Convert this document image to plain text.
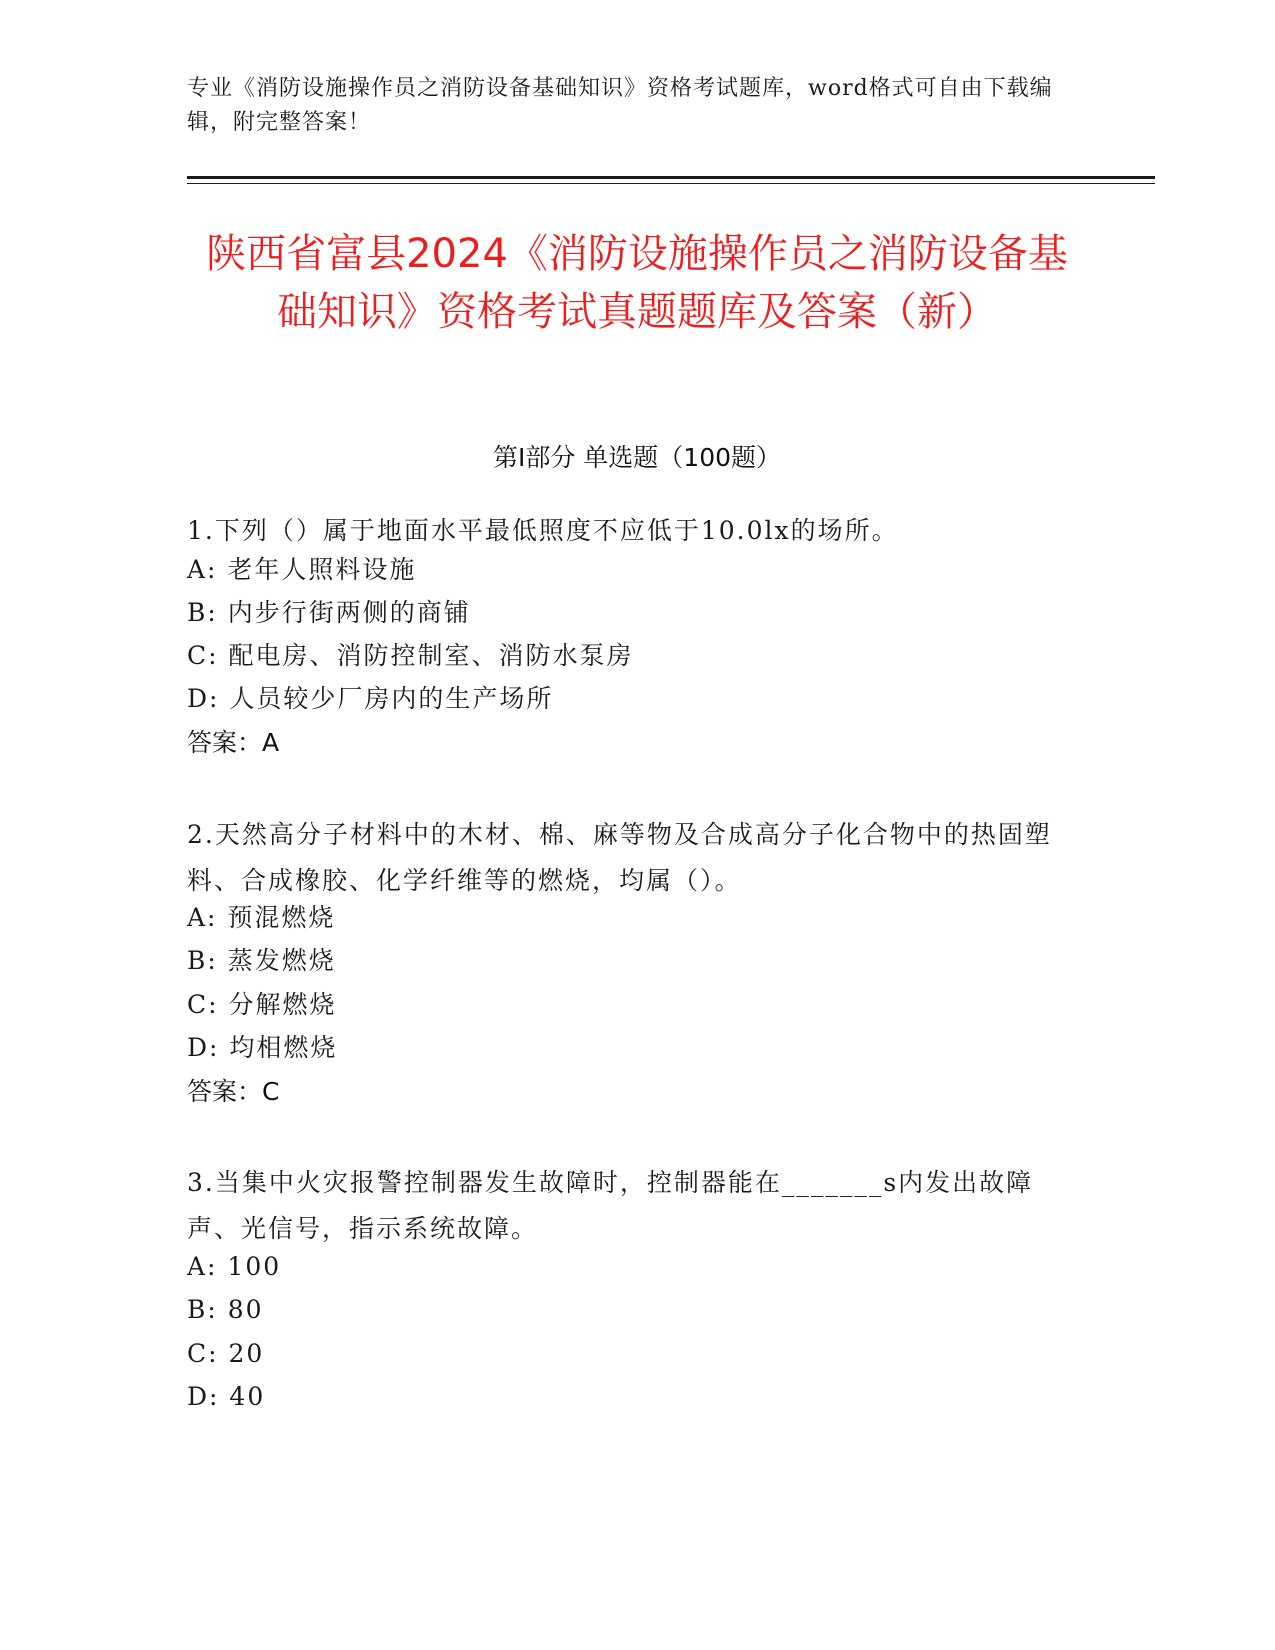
专业《消防设施操作员之消防设备基础知识》资格考试题库，word格式可自由下载编辑，附完整答案！
陕西省富县2024《消防设施操作员之消防设备基础知识》资格考试真题题库及答案（新）
第I部分 单选题（100题）
1.下列（）属于地面水平最低照度不应低于10.0lx的场所。
A: 老年人照料设施
B: 内步行街两侧的商铺
C: 配电房、消防控制室、消防水泵房
D: 人员较少厂房内的生产场所
答案：A
2.天然高分子材料中的木材、棉、麻等物及合成高分子化合物中的热固塑料、合成橡胶、化学纤维等的燃烧，均属（）。
A: 预混燃烧
B: 蒸发燃烧
C: 分解燃烧
D: 均相燃烧
答案：C
3.当集中火灾报警控制器发生故障时，控制器能在_______s内发出故障声、光信号，指示系统故障。
A: 100
B: 80
C: 20
D: 40
